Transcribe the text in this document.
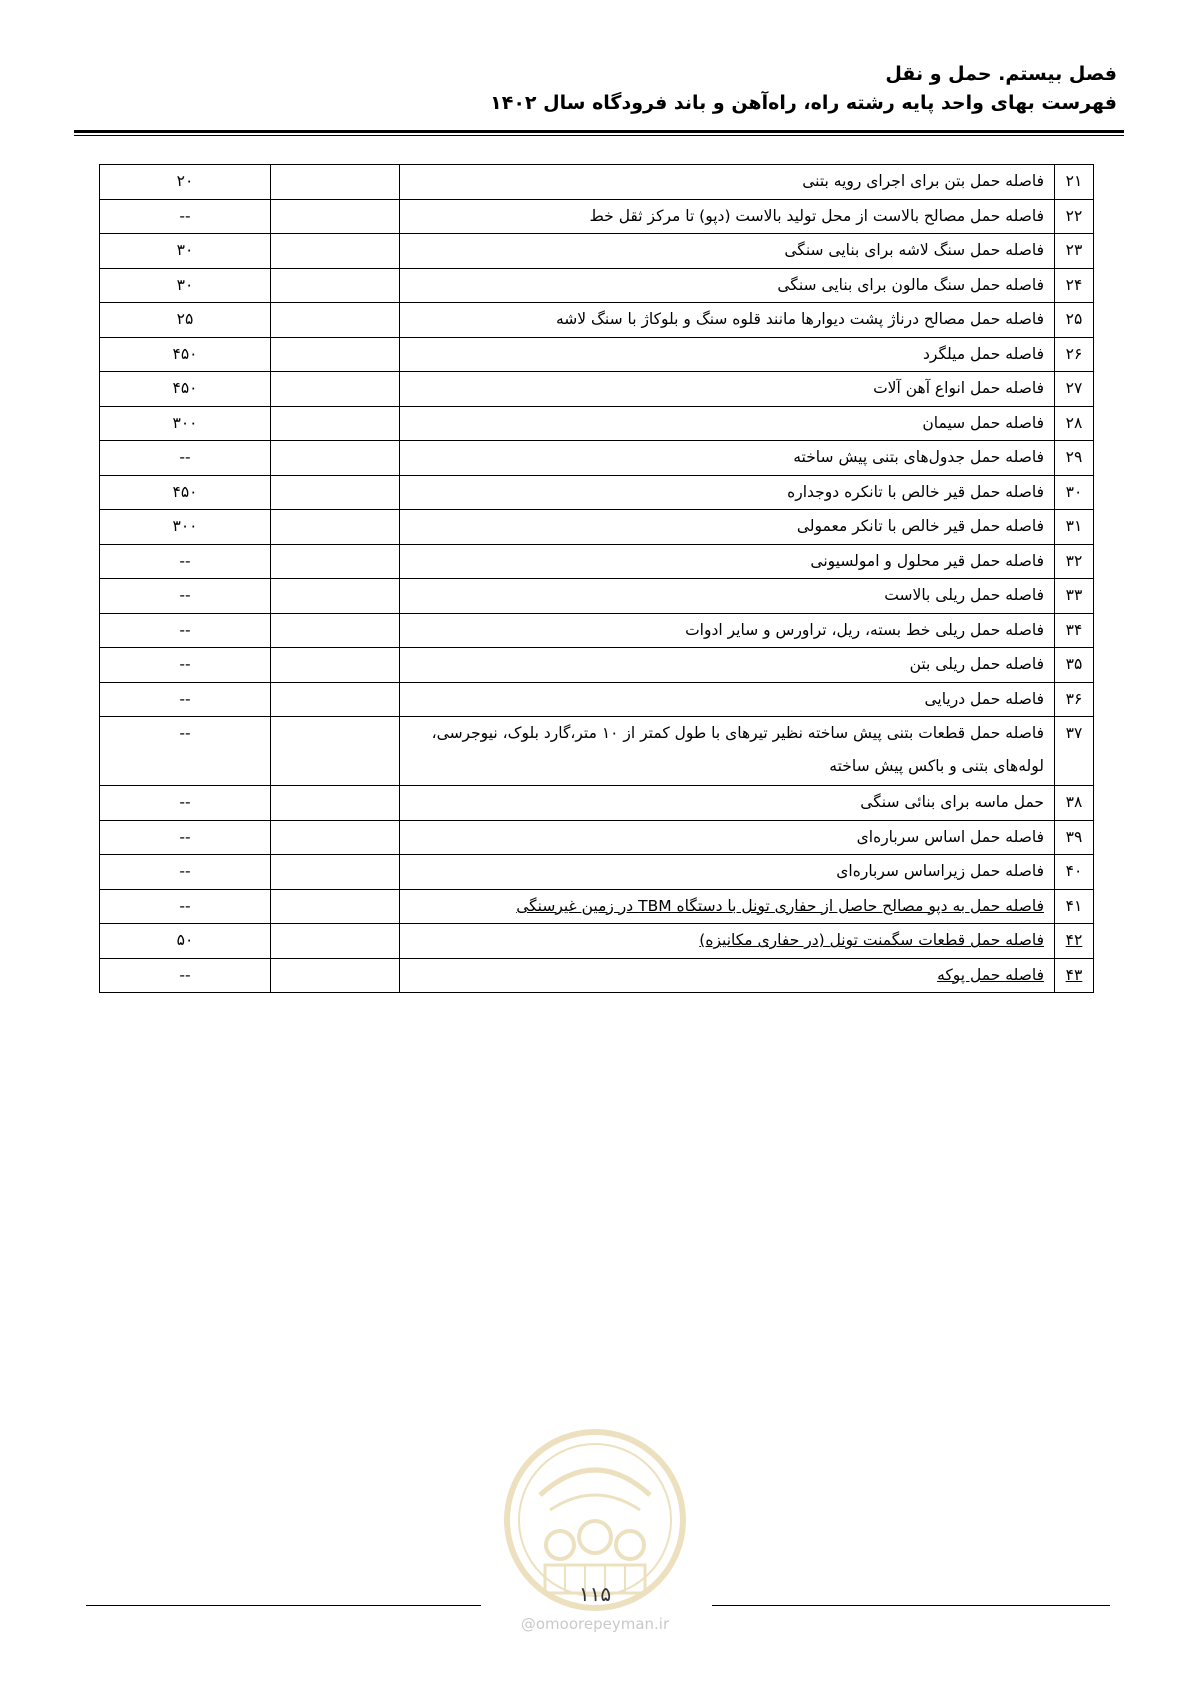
فصل بیستم. حمل و نقل
فهرست بهای واحد پایه رشته راه، راه‌آهن و باند فرودگاه سال ۱۴۰۲
۲۱	فاصله حمل بتن برای اجرای رویه بتنی		۲۰
۲۲	فاصله حمل مصالح بالاست از محل تولید بالاست (دپو) تا مرکز ثقل خط		--
۲۳	فاصله حمل سنگ لاشه برای بنایی سنگی		۳۰
۲۴	فاصله حمل سنگ مالون برای بنایی سنگی		۳۰
۲۵	فاصله حمل مصالح درناژ پشت دیوارها مانند قلوه سنگ و بلوکاژ با سنگ لاشه		۲۵
۲۶	فاصله حمل میلگرد		۴۵۰
۲۷	فاصله حمل انواع آهن آلات		۴۵۰
۲۸	فاصله حمل سیمان		۳۰۰
۲۹	فاصله حمل جدول‌های بتنی پیش ساخته		--
۳۰	فاصله حمل قیر خالص با تانکره دوجداره		۴۵۰
۳۱	فاصله حمل قیر خالص با تانکر معمولی		۳۰۰
۳۲	فاصله حمل قیر محلول و امولسیونی		--
۳۳	فاصله حمل ریلی بالاست		--
۳۴	فاصله حمل ریلی خط بسته، ریل، تراورس و سایر ادوات		--
۳۵	فاصله حمل ریلی بتن		--
۳۶	فاصله حمل دریایی		--
۳۷	فاصله حمل قطعات بتنی پیش ساخته نظیر تیرهای با طول کمتر از ۱۰ متر،گارد بلوک، نیوجرسی، لوله‌های بتنی و باکس پیش ساخته		--
۳۸	حمل ماسه برای بنائی سنگی		--
۳۹	فاصله حمل اساس سرباره‌ای		--
۴۰	فاصله حمل زیراساس سرباره‌ای		--
۴۱	فاصله حمل به دپو مصالح حاصل از حفاری تونل با دستگاه TBM در زمین غیرسنگی		--
۴۲	فاصله حمل قطعات سگمنت تونل (در حفاری مکانیزه)		۵۰
۴۳	فاصله حمل پوکه		--
۱۱۵
@omoorepeyman.ir
